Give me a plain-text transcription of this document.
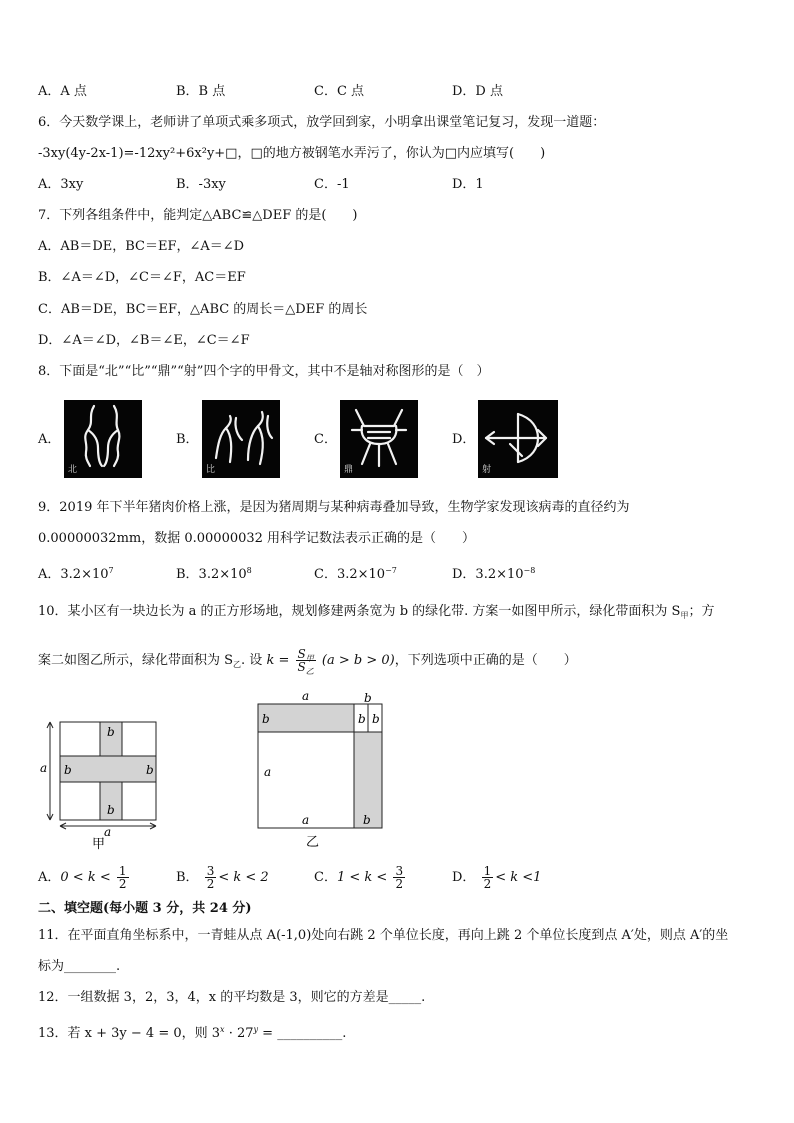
A．A 点	B．B 点	C．C 点	D．D 点
6．今天数学课上，老师讲了单项式乘多项式，放学回到家，小明拿出课堂笔记复习，发现一道题：
-3xy(4y-2x-1)=-12xy²+6x²y+□，□的地方被钢笔水弄污了，你认为□内应填写(　　)
A．3xy	B．-3xy	C．-1	D．1
7．下列各组条件中，能判定△ABC≌△DEF 的是(　　)
A．AB＝DE，BC＝EF，∠A＝∠D
B．∠A＝∠D，∠C＝∠F，AC＝EF
C．AB＝DE，BC＝EF，△ABC 的周长＝△DEF 的周长
D．∠A＝∠D，∠B＝∠E，∠C＝∠F
8．下面是“北”“比”“鼎”“射”四个字的甲骨文，其中不是轴对称图形的是（　）
A．
北
B．
比
C．
鼎
D．
射
9．2019 年下半年猪肉价格上涨，是因为猪周期与某种病毒叠加导致，生物学家发现该病毒的直径约为
0.00000032mm，数据 0.00000032 用科学记数法表示正确的是（　　）
A．$3.2\times 10^7$	B．$3.2\times 10^8$	C．$3.2\times 10^{-7}$	D．$3.2\times 10^{-8}$
10．某小区有一块边长为 a 的正方形场地，规划修建两条宽为 b 的绿化带. 方案一如图甲所示，绿化带面积为 $S_甲$；方
案二如图乙所示，绿化带面积为 $S_乙$. 设 $k = \frac{S_甲}{S_乙} (a > b > 0)$，下列选项中正确的是（　　）
a
b
b	b
b
a
甲
a	b
b	b b
a
a	b
乙
A．$0 < k < \frac{1}{2}$	B． $\frac{3}{2} < k < 2$	C．$1 < k < \frac{3}{2}$	D． $\frac{1}{2} < k <1$
二、填空题(每小题 3 分，共 24 分)
11．在平面直角坐标系中，一青蛙从点 A(-1,0)处向右跳 2 个单位长度，再向上跳 2 个单位长度到点 A′处，则点 A′的坐
标为________.
12．一组数据 3，2，3，4，x 的平均数是 3，则它的方差是_____.
13．若 x + 3y − 4 = 0，则 $3^x \cdot 27^y$ = __________.
